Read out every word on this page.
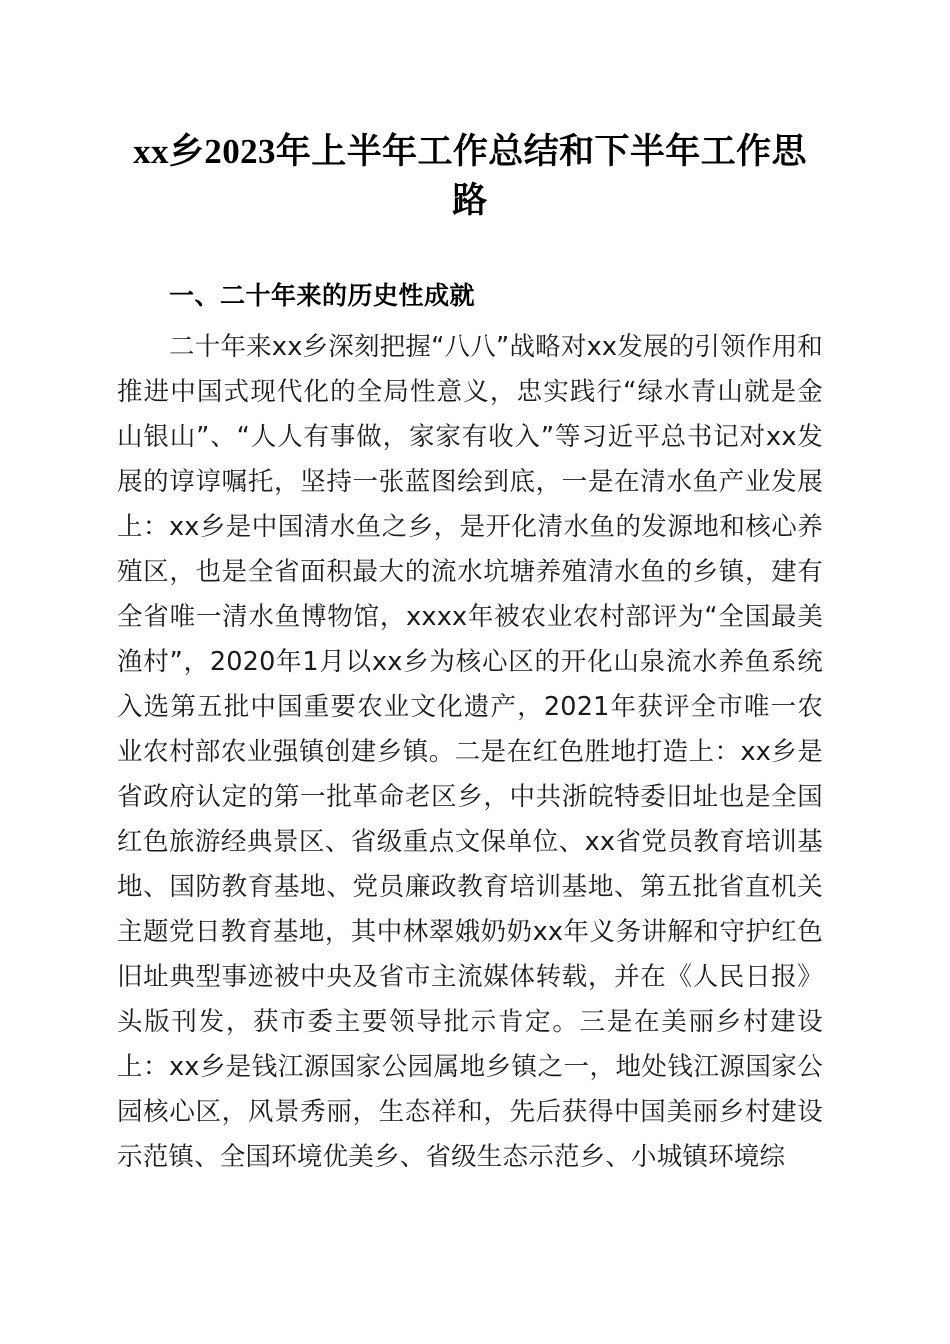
xx乡2023年上半年工作总结和下半年工作思路
一、二十年来的历史性成就

二十年来xx乡深刻把握“八八”战略对xx发展的引领作用和推进中国式现代化的全局性意义，忠实践行“绿水青山就是金山银山”、“人人有事做，家家有收入”等习近平总书记对xx发展的谆谆嘱托，坚持一张蓝图绘到底，一是在清水鱼产业发展上：xx乡是中国清水鱼之乡，是开化清水鱼的发源地和核心养殖区，也是全省面积最大的流水坑塘养殖清水鱼的乡镇，建有全省唯一清水鱼博物馆，xxxx年被农业农村部评为“全国最美渔村”，2020年1月以xx乡为核心区的开化山泉流水养鱼系统入选第五批中国重要农业文化遗产，2021年获评全市唯一农业农村部农业强镇创建乡镇。二是在红色胜地打造上：xx乡是省政府认定的第一批革命老区乡，中共浙皖特委旧址也是全国红色旅游经典景区、省级重点文保单位、xx省党员教育培训基地、国防教育基地、党员廉政教育培训基地、第五批省直机关主题党日教育基地，其中林翠娥奶奶xx年义务讲解和守护红色旧址典型事迹被中央及省市主流媒体转载，并在《人民日报》头版刊发，获市委主要领导批示肯定。三是在美丽乡村建设上：xx乡是钱江源国家公园属地乡镇之一，地处钱江源国家公园核心区，风景秀丽，生态祥和，先后获得中国美丽乡村建设示范镇、全国环境优美乡、省级生态示范乡、小城镇环境综
